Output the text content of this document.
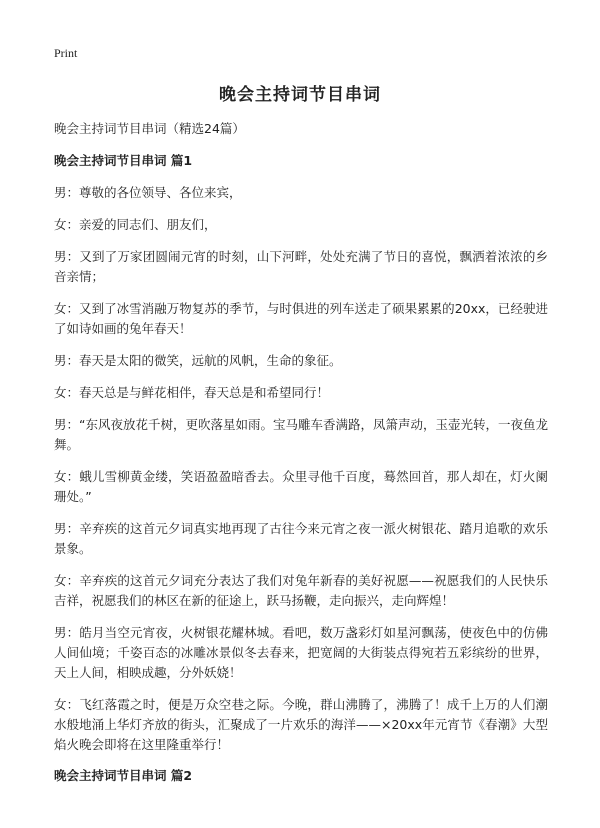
Print
晚会主持词节目串词

晚会主持词节目串词（精选24篇）

晚会主持词节目串词 篇1

男：尊敬的各位领导、各位来宾，

女：亲爱的同志们、朋友们，

男：又到了万家团圆闹元宵的时刻，山下河畔，处处充满了节日的喜悦，飘洒着浓浓的乡音亲情；

女：又到了冰雪消融万物复苏的季节，与时俱进的列车送走了硕果累累的20xx，已经驶进了如诗如画的兔年春天！

男：春天是太阳的微笑，远航的风帆，生命的象征。

女：春天总是与鲜花相伴，春天总是和希望同行！

男：“东风夜放花千树，更吹落星如雨。宝马雕车香满路，凤箫声动，玉壶光转，一夜鱼龙舞。

女：蛾儿雪柳黄金缕，笑语盈盈暗香去。众里寻他千百度，蓦然回首，那人却在，灯火阑珊处。”

男：辛弃疾的这首元夕词真实地再现了古往今来元宵之夜一派火树银花、踏月追歌的欢乐景象。

女：辛弃疾的这首元夕词充分表达了我们对兔年新春的美好祝愿——祝愿我们的人民快乐吉祥，祝愿我们的林区在新的征途上，跃马扬鞭，走向振兴，走向辉煌！

男：皓月当空元宵夜，火树银花耀林城。看吧，数万盏彩灯如星河飘荡，使夜色中的仿佛人间仙境；千姿百态的冰雕冰景似冬去春来，把宽阔的大街装点得宛若五彩缤纷的世界，天上人间，相映成趣，分外妖娆！

女：飞红落霞之时，便是万众空巷之际。今晚，群山沸腾了，沸腾了！成千上万的人们潮水般地涌上华灯齐放的街头，汇聚成了一片欢乐的海洋——×20xx年元宵节《春潮》大型焰火晚会即将在这里隆重举行！

晚会主持词节目串词 篇2
